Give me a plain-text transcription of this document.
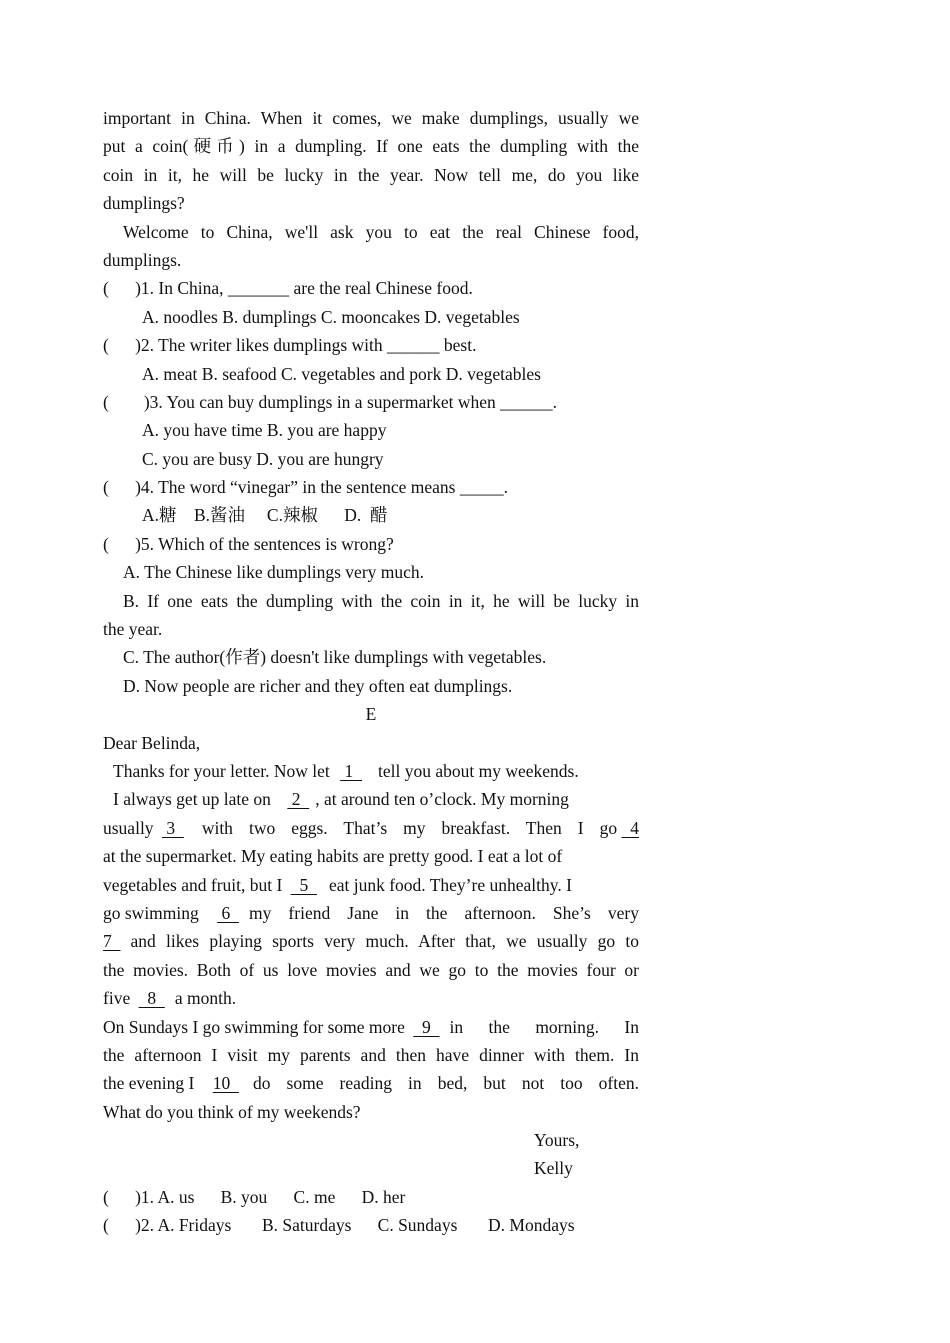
important in China. When it comes, we make dumplings, usually we
put a coin(硬币) in a dumpling. If one eats the dumpling with the
coin in it, he will be lucky in the year. Now tell me, do you like
dumplings?
Welcome to China, we'll ask you to eat the real Chinese food,
dumplings.
(      )1. In China, _______ are the real Chinese food.
A. noodles B. dumplings C. mooncakes D. vegetables
(      )2. The writer likes dumplings with ______ best.
A. meat B. seafood C. vegetables and pork D. vegetables
(        )3. You can buy dumplings in a supermarket when ______.
A. you have time B. you are happy
C. you are busy D. you are hungry
(      )4. The word “vinegar” in the sentence means _____.
A.糖    B.酱油     C.辣椒      D.  醋
(      )5. Which of the sentences is wrong?
A. The Chinese like dumplings very much.
B. If one eats the dumpling with the coin in it, he will be lucky in
the year.
C. The author(作者) doesn't like dumplings with vegetables.
D. Now people are richer and they often eat dumplings.
E
Dear Belinda,
Thanks for your letter. Now let  1  tell you about my weekends.
I always get up late on  2  , at around ten o’clock. My morning
usually 3 with two eggs. That’s my breakfast. Then I go 4
at the supermarket. My eating habits are pretty good. I eat a lot of
vegetables and fruit, but I   5  eat junk food. They’re unhealthy. I
go swimming 6 my friend Jane in the afternoon. She’s very
7 and likes playing sports very much. After that, we usually go to
the movies. Both of us love movies and we go to the movies four or
five   8  a month.
On Sundays I go swimming for some more 9 in the morning. In
the afternoon I visit my parents and then have dinner with them. In
the evening I 10 do some reading in bed, but not too often.
What do you think of my weekends?
Yours,
Kelly
(      )1. A. us      B. you      C. me      D. her
(      )2. A. Fridays       B. Saturdays      C. Sundays       D. Mondays
